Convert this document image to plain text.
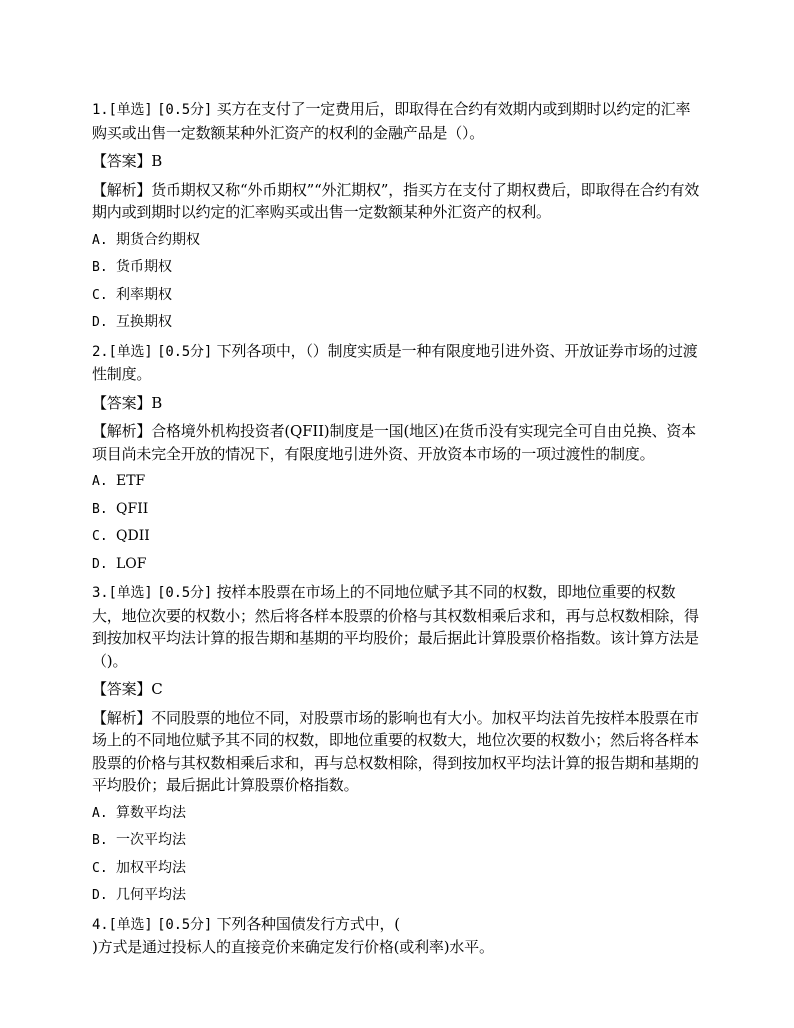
1.[单选] [0.5分] 买方在支付了一定费用后，即取得在合约有效期内或到期时以约定的汇率购买或出售一定数额某种外汇资产的权利的金融产品是（）。

【答案】B

【解析】货币期权又称“外币期权”“外汇期权”，指买方在支付了期权费后，即取得在合约有效期内或到期时以约定的汇率购买或出售一定数额某种外汇资产的权利。

A. 期货合约期权
B. 货币期权
C. 利率期权
D. 互换期权

2.[单选] [0.5分] 下列各项中，（）制度实质是一种有限度地引进外资、开放证券市场的过渡性制度。

【答案】B

【解析】合格境外机构投资者(QFII)制度是一国(地区)在货币没有实现完全可自由兑换、资本项目尚未完全开放的情况下，有限度地引进外资、开放资本市场的一项过渡性的制度。

A. ETF
B. QFII
C. QDII
D. LOF

3.[单选] [0.5分] 按样本股票在市场上的不同地位赋予其不同的权数，即地位重要的权数大，地位次要的权数小；然后将各样本股票的价格与其权数相乘后求和，再与总权数相除，得到按加权平均法计算的报告期和基期的平均股价；最后据此计算股票价格指数。该计算方法是（)。

【答案】C

【解析】不同股票的地位不同，对股票市场的影响也有大小。加权平均法首先按样本股票在市场上的不同地位赋予其不同的权数，即地位重要的权数大，地位次要的权数小；然后将各样本股票的价格与其权数相乘后求和，再与总权数相除，得到按加权平均法计算的报告期和基期的平均股价；最后据此计算股票价格指数。

A. 算数平均法
B. 一次平均法
C. 加权平均法
D. 几何平均法

4.[单选] [0.5分] 下列各种国债发行方式中，(
)方式是通过投标人的直接竞价来确定发行价格(或利率)水平。
